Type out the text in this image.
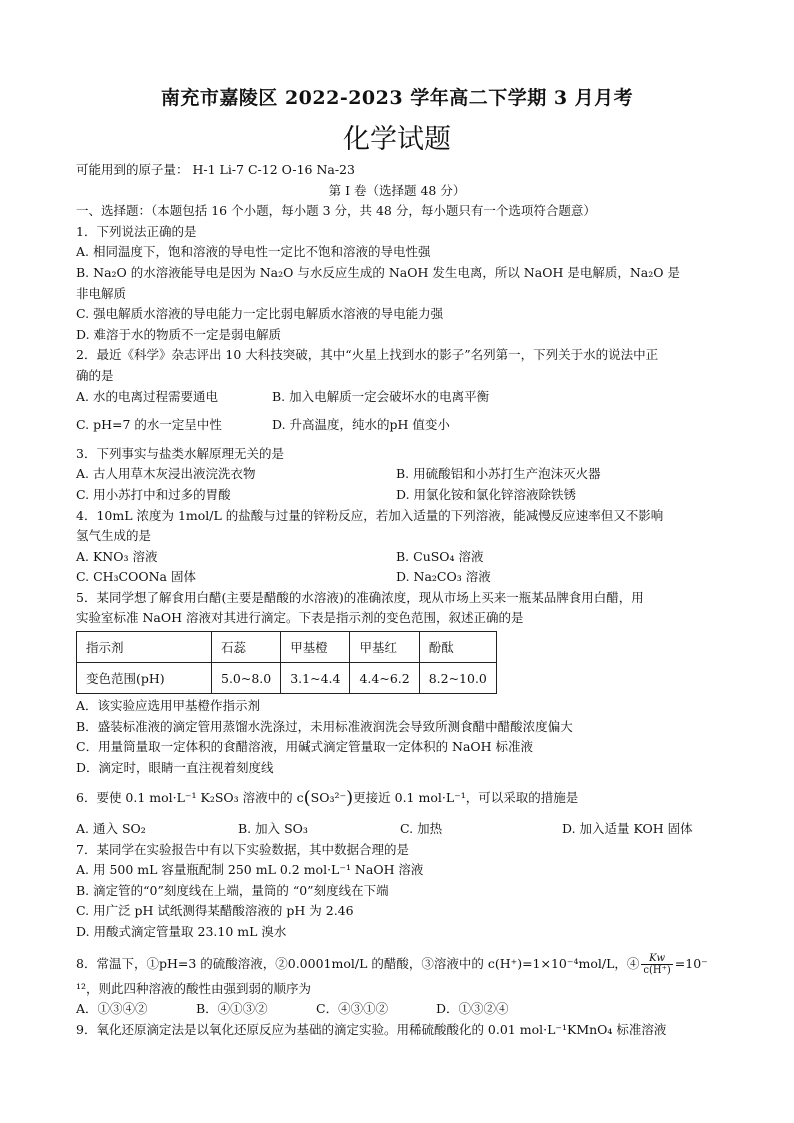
南充市嘉陵区 2022-2023 学年高二下学期 3 月月考
化学试题
可能用到的原子量： H-1 Li-7 C-12 O-16 Na-23
第 I 卷（选择题 48 分）
一、选择题：（本题包括 16 个小题，每小题 3 分，共 48 分，每小题只有一个选项符合题意）
1．下列说法正确的是
A. 相同温度下，饱和溶液的导电性一定比不饱和溶液的导电性强
B. Na₂O 的水溶液能导电是因为 Na₂O 与水反应生成的 NaOH 发生电离，所以 NaOH 是电解质，Na₂O 是
非电解质
C. 强电解质水溶液的导电能力一定比弱电解质水溶液的导电能力强
D. 难溶于水的物质不一定是弱电解质
2．最近《科学》杂志评出 10 大科技突破，其中“火星上找到水的影子”名列第一，下列关于水的说法中正
确的是
A. 水的电离过程需要通电	B. 加入电解质一定会破坏水的电离平衡
C. pH=7 的水一定呈中性	D. 升高温度，纯水的pH 值变小
3．下列事实与盐类水解原理无关的是
A. 古人用草木灰浸出液浣洗衣物	B. 用硫酸铝和小苏打生产泡沫灭火器
C. 用小苏打中和过多的胃酸	D. 用氯化铵和氯化锌溶液除铁锈
4．10mL 浓度为 1mol/L 的盐酸与过量的锌粉反应，若加入适量的下列溶液，能减慢反应速率但又不影响
氢气生成的是
A. KNO₃ 溶液	B. CuSO₄ 溶液
C. CH₃COONa 固体	D. Na₂CO₃ 溶液
5．某同学想了解食用白醋(主要是醋酸的水溶液)的准确浓度，现从市场上买来一瓶某品牌食用白醋，用
实验室标准 NaOH 溶液对其进行滴定。下表是指示剂的变色范围，叙述正确的是
指示剂	石蕊	甲基橙	甲基红	酚酞
变色范围(pH)	5.0~8.0	3.1~4.4	4.4~6.2	8.2~10.0
A．该实验应选用甲基橙作指示剂
B．盛装标准液的滴定管用蒸馏水洗涤过，未用标准液润洗会导致所测食醋中醋酸浓度偏大
C．用量筒量取一定体积的食醋溶液，用碱式滴定管量取一定体积的 NaOH 标准液
D．滴定时，眼睛一直注视着刻度线
6．要使 0.1 mol·L⁻¹ K₂SO₃ 溶液中的 c(SO₃²⁻)更接近 0.1 mol·L⁻¹，可以采取的措施是
A. 通入 SO₂	B. 加入 SO₃	C. 加热	D. 加入适量 KOH 固体
7．某同学在实验报告中有以下实验数据，其中数据合理的是
A. 用 500 mL 容量瓶配制 250 mL 0.2 mol·L⁻¹ NaOH 溶液
B. 滴定管的“0”刻度线在上端，量筒的 “0”刻度线在下端
C. 用广泛 pH 试纸测得某醋酸溶液的 pH 为 2.46
D. 用酸式滴定管量取 23.10 mL 溴水
8．常温下，①pH=3 的硫酸溶液，②0.0001mol/L 的醋酸，③溶液中的 c(H⁺)=1×10⁻⁴mol/L，④ $\frac{Kw}{c(H^+)} =10^-$
¹²，则此四种溶液的酸性由强到弱的顺序为
A．①③④②	B．④①③②	C．④③①②	D．①③②④
9．氧化还原滴定法是以氧化还原反应为基础的滴定实验。用稀硫酸酸化的 0.01 mol·L⁻¹KMnO₄ 标准溶液
